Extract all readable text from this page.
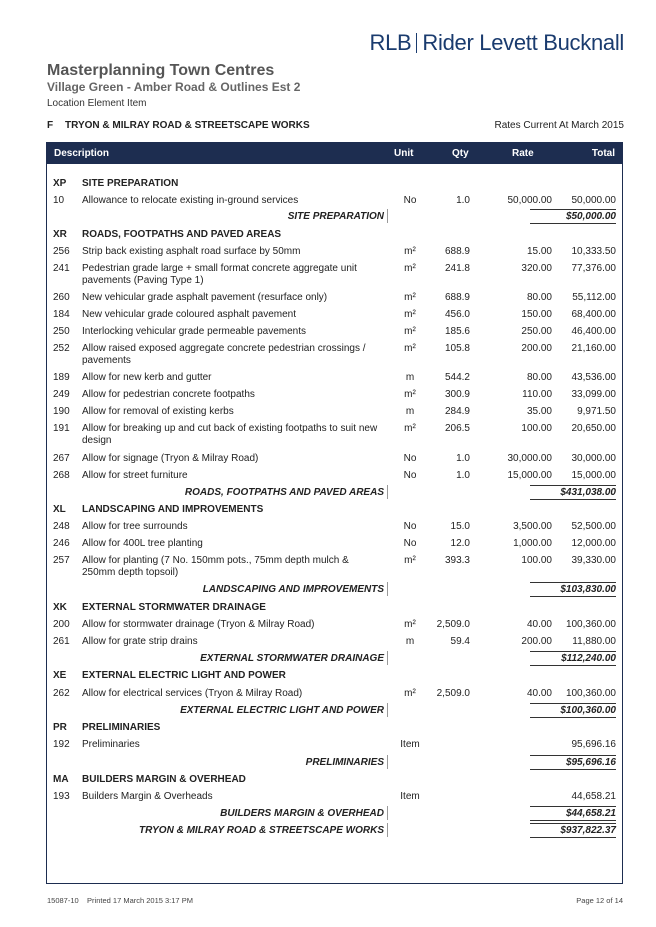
RLB Rider Levett Bucknall
Masterplanning Town Centres
Village Green - Amber Road & Outlines Est 2
Location Element Item
F TRYON & MILRAY ROAD & STREETSCAPE WORKS	Rates Current At March 2015
Description	Unit	Qty	Rate	Total
XP SITE PREPARATION
10 Allowance to relocate existing in-ground services	No	1.0	50,000.00	50,000.00
SITE PREPARATION	$50,000.00
XR ROADS, FOOTPATHS AND PAVED AREAS
256 Strip back existing asphalt road surface by 50mm	m²	688.9	15.00	10,333.50
241 Pedestrian grade large + small format concrete aggregate unit pavements (Paving Type 1)
m²	241.8	320.00	77,376.00
260 New vehicular grade asphalt pavement (resurface only)	m²	688.9	80.00	55,112.00
184 New vehicular grade coloured asphalt pavement	m²	456.0	150.00	68,400.00
250 Interlocking vehicular grade permeable pavements	m²	185.6	250.00	46,400.00
252 Allow raised exposed aggregate concrete pedestrian crossings / pavements
m²	105.8	200.00	21,160.00
189 Allow for new kerb and gutter	m	544.2	80.00	43,536.00
249 Allow for pedestrian concrete footpaths	m²	300.9	110.00	33,099.00
190 Allow for removal of existing kerbs	m	284.9	35.00	9,971.50
191 Allow for breaking up and cut back of existing footpaths to suit new design
m²	206.5	100.00	20,650.00
267 Allow for signage (Tryon & Milray Road)	No	1.0	30,000.00	30,000.00
268 Allow for street furniture	No	1.0	15,000.00	15,000.00
ROADS, FOOTPATHS AND PAVED AREAS	$431,038.00
XL LANDSCAPING AND IMPROVEMENTS
248 Allow for tree surrounds	No	15.0	3,500.00	52,500.00
246 Allow for 400L tree planting	No	12.0	1,000.00	12,000.00
257 Allow for planting (7 No. 150mm pots., 75mm depth mulch & 250mm depth topsoil)
m²	393.3	100.00	39,330.00
LANDSCAPING AND IMPROVEMENTS	$103,830.00
XK EXTERNAL STORMWATER DRAINAGE
200 Allow for stormwater drainage (Tryon & Milray Road)	m²	2,509.0	40.00	100,360.00
261 Allow for grate strip drains	m	59.4	200.00	11,880.00
EXTERNAL STORMWATER DRAINAGE	$112,240.00
XE EXTERNAL ELECTRIC LIGHT AND POWER
262 Allow for electrical services (Tryon & Milray Road)	m²	2,509.0	40.00	100,360.00
EXTERNAL ELECTRIC LIGHT AND POWER	$100,360.00
PR PRELIMINARIES
192 Preliminaries	Item	95,696.16
PRELIMINARIES	$95,696.16
MA BUILDERS MARGIN & OVERHEAD
193 Builders Margin & Overheads	Item	44,658.21
BUILDERS MARGIN & OVERHEAD	$44,658.21
TRYON & MILRAY ROAD & STREETSCAPE WORKS	$937,822.37
15087-10 Printed 17 March 2015 3:17 PM	Page 12 of 14
